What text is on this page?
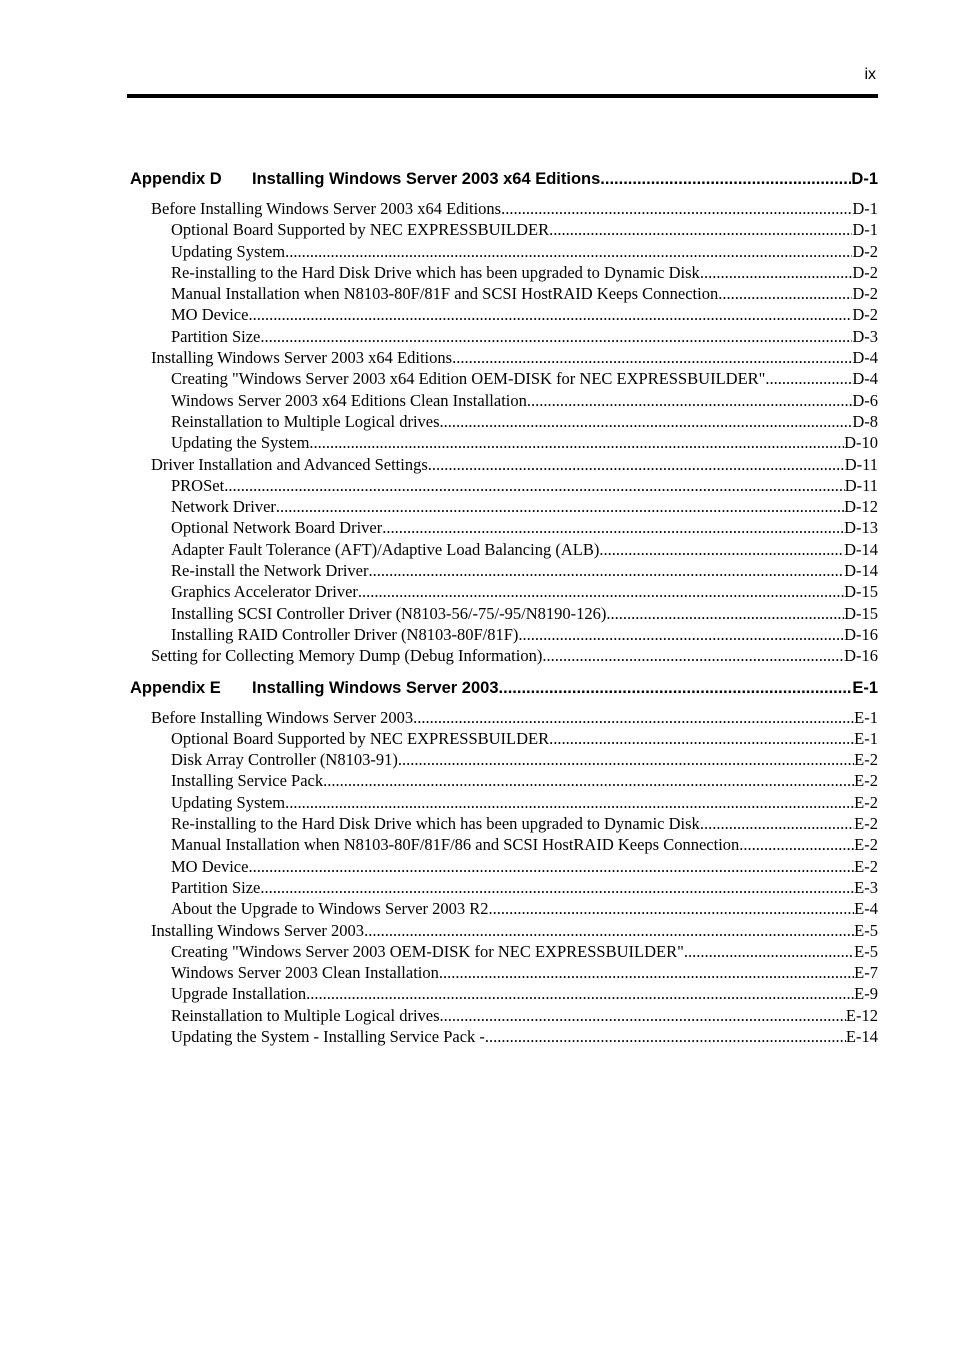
ix
Appendix D Installing Windows Server 2003 x64 Editions .....	D-1
Before Installing Windows Server 2003 x64 Editions .....	D-1
Optional Board Supported by NEC EXPRESSBUILDER .....	D-1
Updating System .....	D-2
Re-installing to the Hard Disk Drive which has been upgraded to Dynamic Disk .....	D-2
Manual Installation when N8103-80F/81F and SCSI HostRAID Keeps Connection .....	D-2
MO Device .....	D-2
Partition Size .....	D-3
Installing Windows Server 2003 x64 Editions .....	D-4
Creating "Windows Server 2003 x64 Edition OEM-DISK for NEC EXPRESSBUILDER" .....	D-4
Windows Server 2003 x64 Editions Clean Installation .....	D-6
Reinstallation to Multiple Logical drives .....	D-8
Updating the System .....	D-10
Driver Installation and Advanced Settings .....	D-11
PROSet .....	D-11
Network Driver .....	D-12
Optional Network Board Driver .....	D-13
Adapter Fault Tolerance (AFT)/Adaptive Load Balancing (ALB) .....	D-14
Re-install the Network Driver .....	D-14
Graphics Accelerator Driver .....	D-15
Installing SCSI Controller Driver (N8103-56/-75/-95/N8190-126) .....	D-15
Installing RAID Controller Driver (N8103-80F/81F) .....	D-16
Setting for Collecting Memory Dump (Debug Information) .....	D-16
Appendix E Installing Windows Server 2003 .....	E-1
Before Installing Windows Server 2003 .....	E-1
Optional Board Supported by NEC EXPRESSBUILDER .....	E-1
Disk Array Controller (N8103-91) .....	E-2
Installing Service Pack .....	E-2
Updating System .....	E-2
Re-installing to the Hard Disk Drive which has been upgraded to Dynamic Disk .....	E-2
Manual Installation when N8103-80F/81F/86 and SCSI HostRAID Keeps Connection .....	E-2
MO Device .....	E-2
Partition Size .....	E-3
About the Upgrade to Windows Server 2003 R2 .....	E-4
Installing Windows Server 2003 .....	E-5
Creating "Windows Server 2003 OEM-DISK for NEC EXPRESSBUILDER" .....	E-5
Windows Server 2003 Clean Installation .....	E-7
Upgrade Installation .....	E-9
Reinstallation to Multiple Logical drives .....	E-12
Updating the System - Installing Service Pack - .....	E-14
